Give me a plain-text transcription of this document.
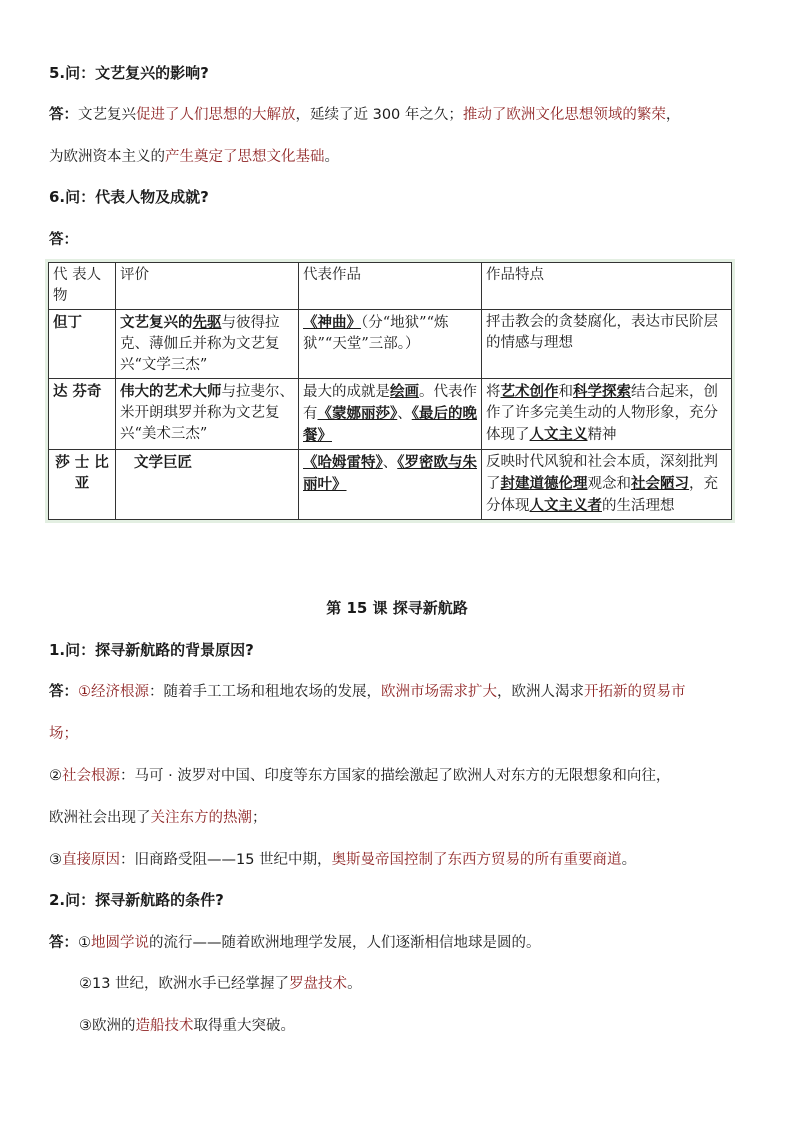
5.问：文艺复兴的影响?
答：文艺复兴促进了人们思想的大解放，延续了近 300 年之久；推动了欧洲文化思想领域的繁荣，
为欧洲资本主义的产生奠定了思想文化基础。
6.问：代表人物及成就?
答：
代 表人物	评价	代表作品	作品特点
但丁	文艺复兴的先驱与彼得拉克、薄伽丘并称为文艺复兴“文学三杰”	《神曲》（分“地狱”“炼狱”“天堂”三部。）	抨击教会的贪婪腐化，表达市民阶层的情感与理想
达 芬奇	伟大的艺术大师与拉斐尔、米开朗琪罗并称为文艺复兴“美术三杰”	最大的成就是绘画。代表作有《蒙娜丽莎》、《最后的晚餐》	将艺术创作和科学探索结合起来，创作了许多完美生动的人物形象，充分体现了人文主义精神
莎 士 比亚	文学巨匠	《哈姆雷特》、《罗密欧与朱丽叶》	反映时代风貌和社会本质，深刻批判了封建道德伦理观念和社会陋习，充分体现人文主义者的生活理想
第 15 课 探寻新航路
1.问：探寻新航路的背景原因?
答：①经济根源：随着手工工场和租地农场的发展，欧洲市场需求扩大，欧洲人渴求开拓新的贸易市
场；
②社会根源：马可 · 波罗对中国、印度等东方国家的描绘激起了欧洲人对东方的无限想象和向往，
欧洲社会出现了关注东方的热潮；
③直接原因：旧商路受阻——15 世纪中期，奥斯曼帝国控制了东西方贸易的所有重要商道。
2.问：探寻新航路的条件?
答：①地圆学说的流行——随着欧洲地理学发展，人们逐渐相信地球是圆的。
②13 世纪，欧洲水手已经掌握了罗盘技术。
③欧洲的造船技术取得重大突破。
